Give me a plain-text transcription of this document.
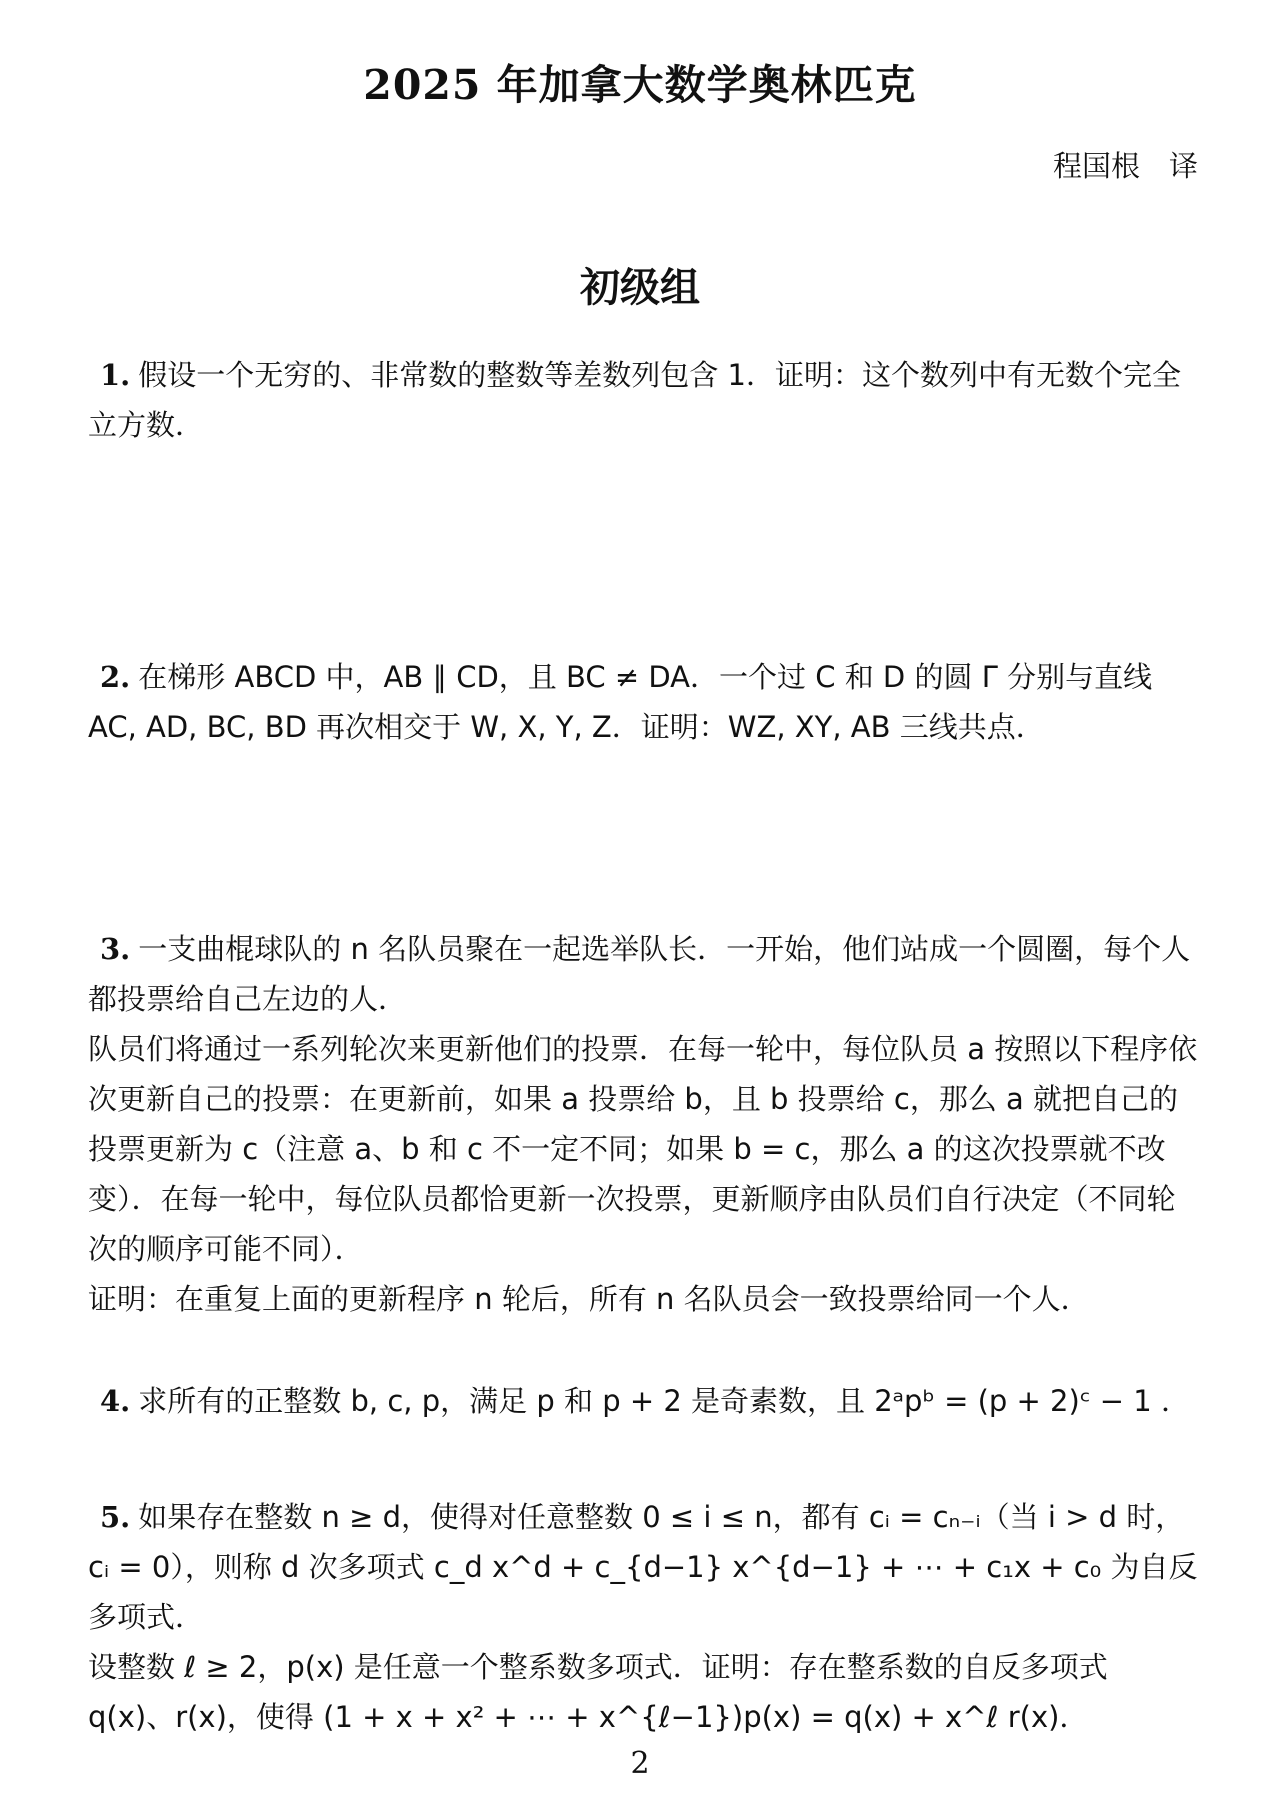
2025 年加拿大数学奥林匹克
程国根　译
初级组
1. 假设一个无穷的、非常数的整数等差数列包含 1．证明：这个数列中有无数个完全立方数．
2. 在梯形 ABCD 中，AB ∥ CD，且 BC ≠ DA．一个过 C 和 D 的圆 Γ 分别与直线 AC, AD, BC, BD 再次相交于 W, X, Y, Z．证明：WZ, XY, AB 三线共点．
3. 一支曲棍球队的 n 名队员聚在一起选举队长．一开始，他们站成一个圆圈，每个人都投票给自己左边的人．
队员们将通过一系列轮次来更新他们的投票．在每一轮中，每位队员 a 按照以下程序依次更新自己的投票：在更新前，如果 a 投票给 b，且 b 投票给 c，那么 a 就把自己的投票更新为 c（注意 a、b 和 c 不一定不同；如果 b = c，那么 a 的这次投票就不改变）．在每一轮中，每位队员都恰更新一次投票，更新顺序由队员们自行决定（不同轮次的顺序可能不同）．
证明：在重复上面的更新程序 n 轮后，所有 n 名队员会一致投票给同一个人．
4. 求所有的正整数 b, c, p，满足 p 和 p + 2 是奇素数，且 2ᵃpᵇ = (p + 2)ᶜ − 1 ．
5. 如果存在整数 n ≥ d，使得对任意整数 0 ≤ i ≤ n，都有 cᵢ = cₙ₋ᵢ（当 i > d 时，cᵢ = 0），则称 d 次多项式 c_d x^d + c_{d−1} x^{d−1} + ⋯ + c₁x + c₀ 为自反多项式．
设整数 ℓ ≥ 2，p(x) 是任意一个整系数多项式．证明：存在整系数的自反多项式 q(x)、r(x)，使得 (1 + x + x² + ⋯ + x^{ℓ−1})p(x) = q(x) + x^ℓ r(x)．
2
